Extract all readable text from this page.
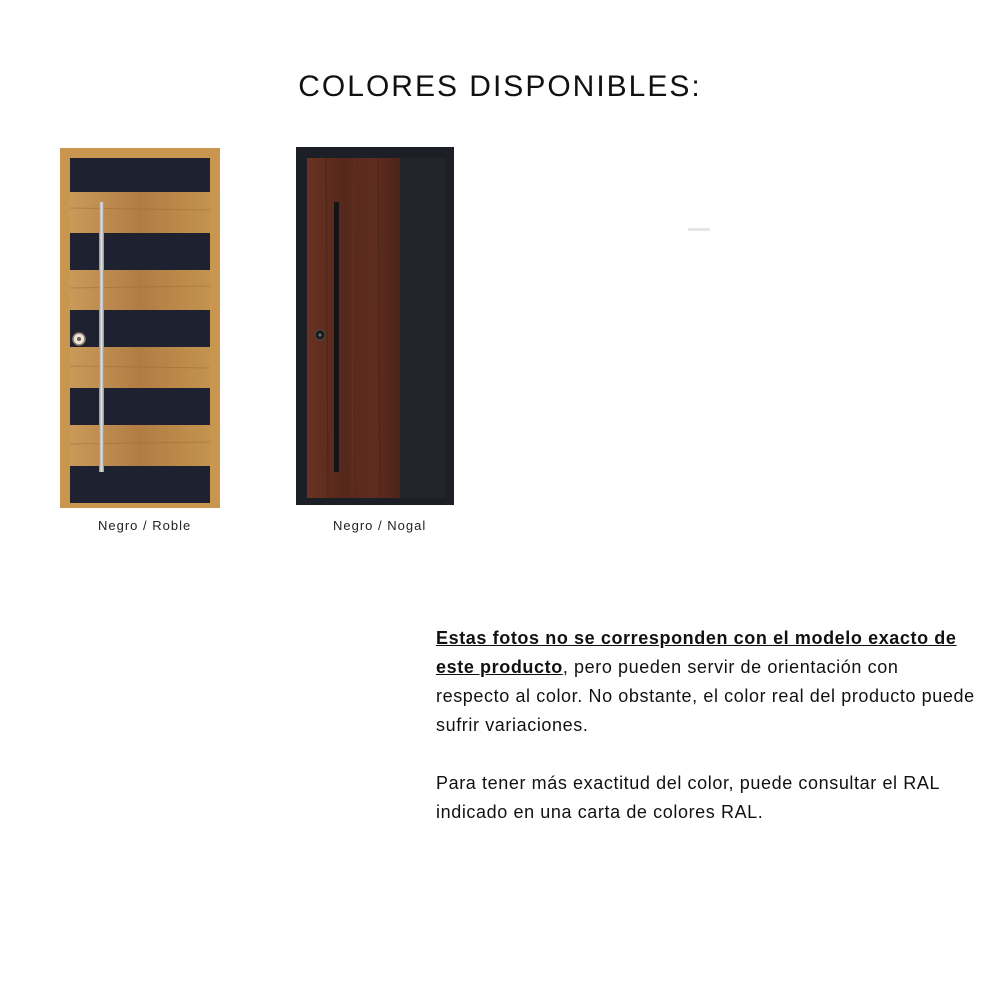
COLORES DISPONIBLES:
Negro / Roble	Negro / Nogal

Estas fotos no se corresponden con el modelo exacto de este producto, pero pueden servir de orientación con respecto al color. No obstante, el color real del producto puede sufrir variaciones.

Para tener más exactitud del color, puede consultar el RAL indicado en una carta de colores RAL.
